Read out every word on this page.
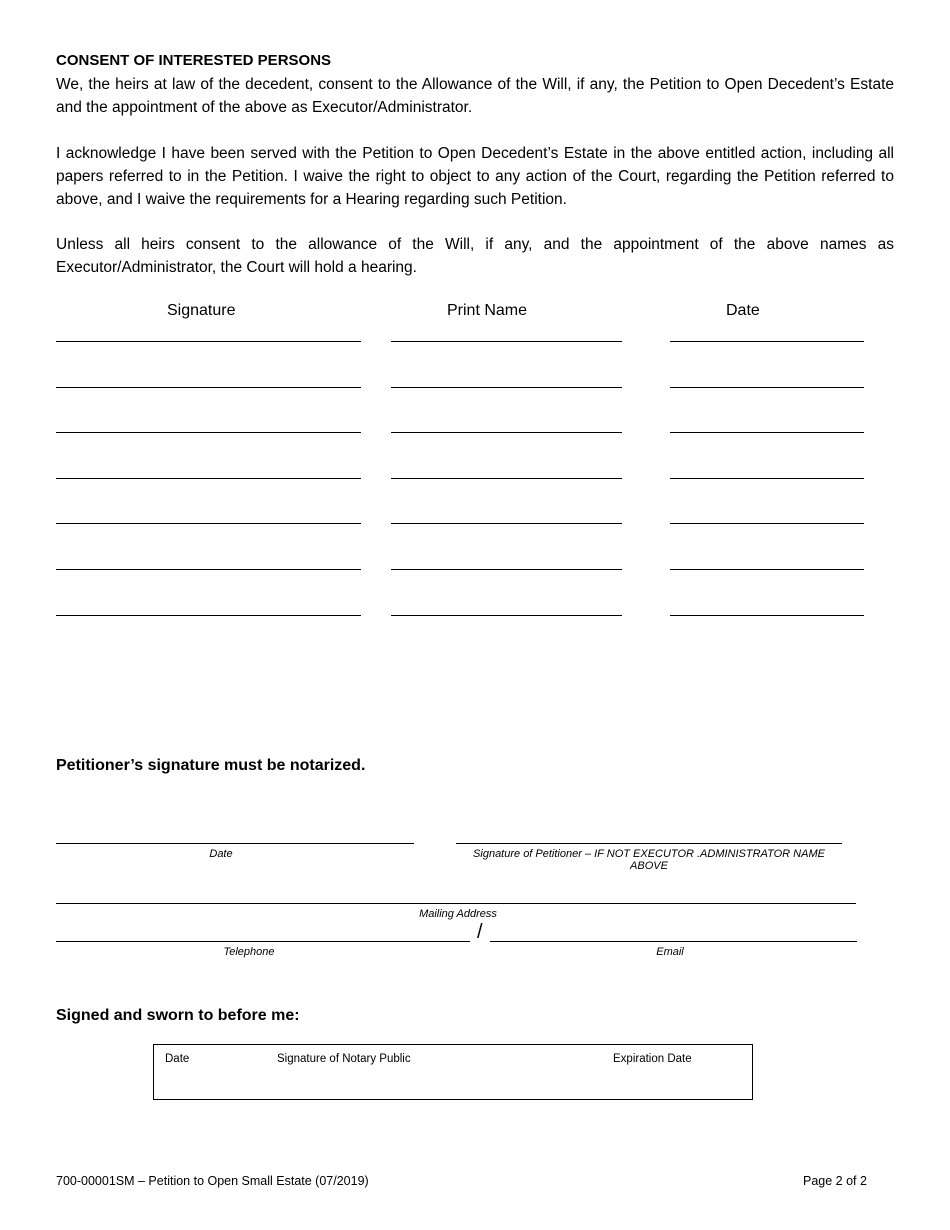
CONSENT OF INTERESTED PERSONS
We, the heirs at law of the decedent, consent to the Allowance of the Will, if any, the Petition to Open Decedent’s Estate and the appointment of the above as Executor/Administrator.
I acknowledge I have been served with the Petition to Open Decedent’s Estate in the above entitled action, including all papers referred to in the Petition. I waive the right to object to any action of the Court, regarding the Petition referred to above, and I waive the requirements for a Hearing regarding such Petition.
Unless all heirs consent to the allowance of the Will, if any, and the appointment of the above names as Executor/Administrator, the Court will hold a hearing.
Signature	Print Name	Date
Petitioner’s signature must be notarized.
Date	Signature of Petitioner – IF NOT EXECUTOR .ADMINISTRATOR NAME ABOVE
Mailing Address
/
Telephone	Email
Signed and sworn to before me:
Date	Signature of Notary Public	Expiration Date
700-00001SM – Petition to Open Small Estate (07/2019)	Page 2 of 2
